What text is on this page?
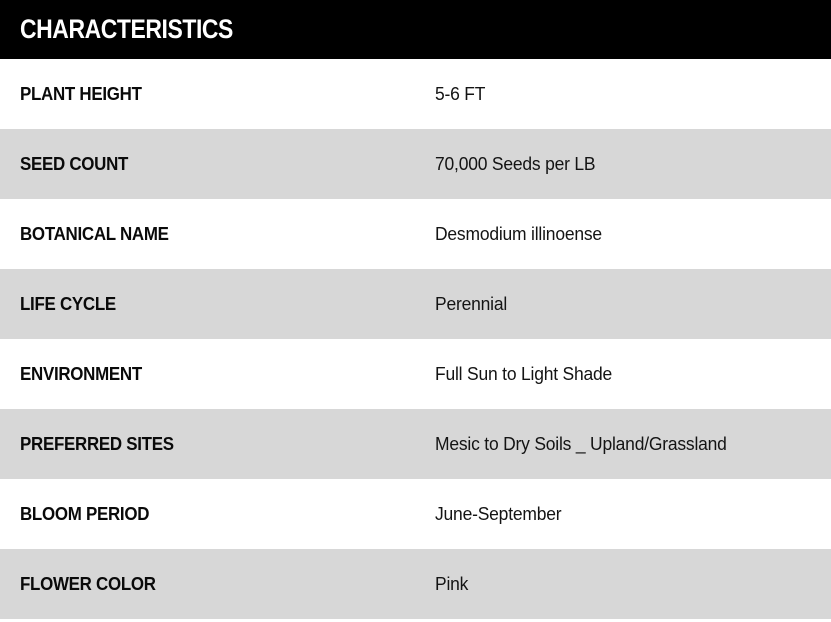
CHARACTERISTICS
PLANT HEIGHT	5-6 FT
SEED COUNT	70,000 Seeds per LB
BOTANICAL NAME	Desmodium illinoense
LIFE CYCLE	Perennial
ENVIRONMENT	Full Sun to Light Shade
PREFERRED SITES	Mesic to Dry Soils _ Upland/Grassland
BLOOM PERIOD	June-September
FLOWER COLOR	Pink
